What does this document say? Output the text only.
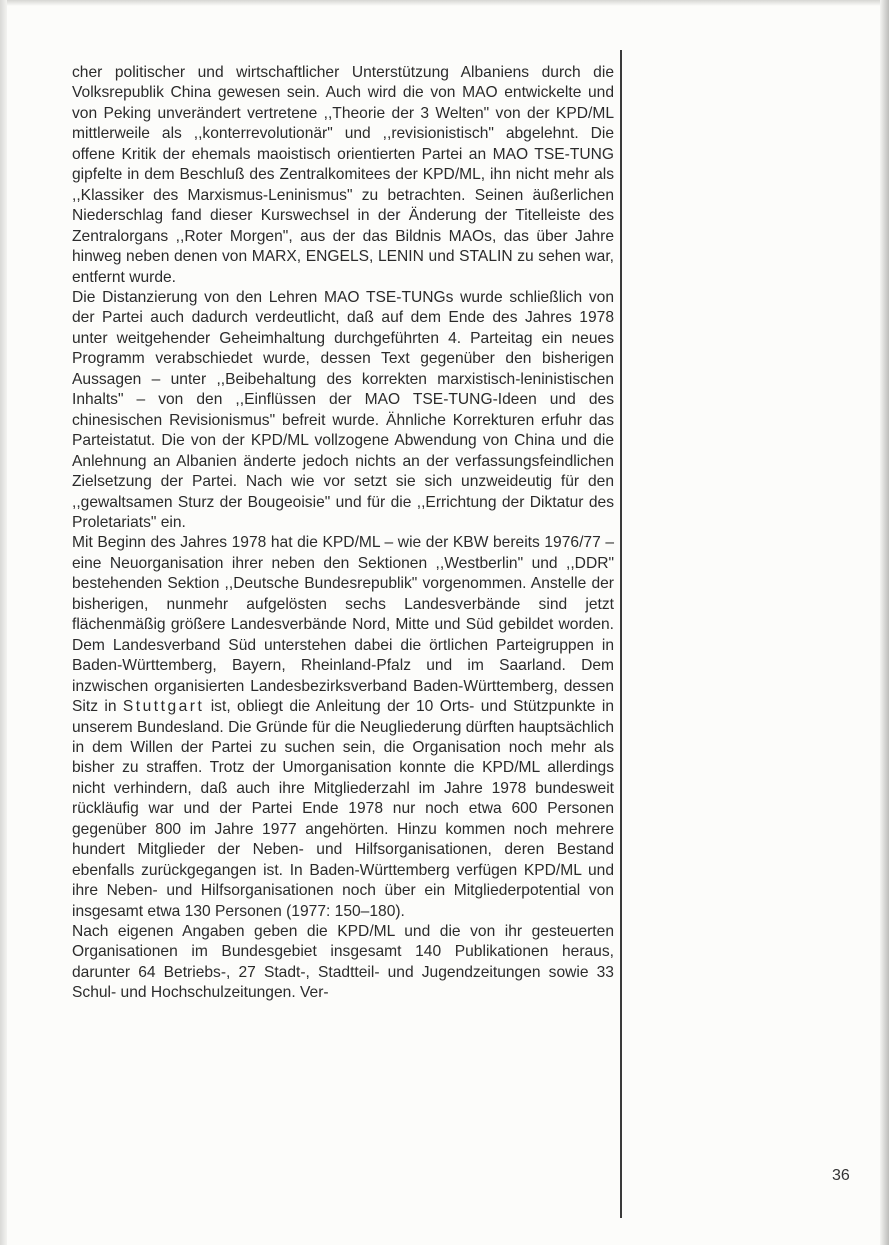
cher politischer und wirtschaftlicher Unterstützung Albaniens durch die Volksrepublik China gewesen sein. Auch wird die von MAO entwickelte und von Peking unverändert vertretene ,,Theorie der 3 Welten" von der KPD/ML mittlerweile als ,,konterrevolutionär" und ,,revisionistisch" abgelehnt. Die offene Kritik der ehemals maoistisch orientierten Partei an MAO TSE-TUNG gipfelte in dem Beschluß des Zentralkomitees der KPD/ML, ihn nicht mehr als ,,Klassiker des Marxismus-Leninismus" zu betrachten. Seinen äußerlichen Niederschlag fand dieser Kurswechsel in der Änderung der Titelleiste des Zentralorgans ,,Roter Morgen", aus der das Bildnis MAOs, das über Jahre hinweg neben denen von MARX, ENGELS, LENIN und STALIN zu sehen war, entfernt wurde.

Die Distanzierung von den Lehren MAO TSE-TUNGs wurde schließlich von der Partei auch dadurch verdeutlicht, daß auf dem Ende des Jahres 1978 unter weitgehender Geheimhaltung durchgeführten 4. Parteitag ein neues Programm verabschiedet wurde, dessen Text gegenüber den bisherigen Aussagen – unter ,,Beibehaltung des korrekten marxistisch-leninistischen Inhalts" – von den ,,Einflüssen der MAO TSE-TUNG-Ideen und des chinesischen Revisionismus" befreit wurde. Ähnliche Korrekturen erfuhr das Parteistatut. Die von der KPD/ML vollzogene Abwendung von China und die Anlehnung an Albanien änderte jedoch nichts an der verfassungsfeindlichen Zielsetzung der Partei. Nach wie vor setzt sie sich unzweideutig für den ,,gewaltsamen Sturz der Bougeoisie" und für die ,,Errichtung der Diktatur des Proletariats" ein.

Mit Beginn des Jahres 1978 hat die KPD/ML – wie der KBW bereits 1976/77 – eine Neuorganisation ihrer neben den Sektionen ,,Westberlin" und ,,DDR" bestehenden Sektion ,,Deutsche Bundesrepublik" vorgenommen. Anstelle der bisherigen, nunmehr aufgelösten sechs Landesverbände sind jetzt flächenmäßig größere Landesverbände Nord, Mitte und Süd gebildet worden. Dem Landesverband Süd unterstehen dabei die örtlichen Parteigruppen in Baden-Württemberg, Bayern, Rheinland-Pfalz und im Saarland. Dem inzwischen organisierten Landesbezirksverband Baden-Württemberg, dessen Sitz in Stuttgart ist, obliegt die Anleitung der 10 Orts- und Stützpunkte in unserem Bundesland. Die Gründe für die Neugliederung dürften hauptsächlich in dem Willen der Partei zu suchen sein, die Organisation noch mehr als bisher zu straffen. Trotz der Umorganisation konnte die KPD/ML allerdings nicht verhindern, daß auch ihre Mitgliederzahl im Jahre 1978 bundesweit rückläufig war und der Partei Ende 1978 nur noch etwa 600 Personen gegenüber 800 im Jahre 1977 angehörten. Hinzu kommen noch mehrere hundert Mitglieder der Neben- und Hilfsorganisationen, deren Bestand ebenfalls zurückgegangen ist. In Baden-Württemberg verfügen KPD/ML und ihre Neben- und Hilfsorganisationen noch über ein Mitgliederpotential von insgesamt etwa 130 Personen (1977: 150–180).

Nach eigenen Angaben geben die KPD/ML und die von ihr gesteuerten Organisationen im Bundesgebiet insgesamt 140 Publikationen heraus, darunter 64 Betriebs-, 27 Stadt-, Stadtteil- und Jugendzeitungen sowie 33 Schul- und Hochschulzeitungen. Ver-

36
